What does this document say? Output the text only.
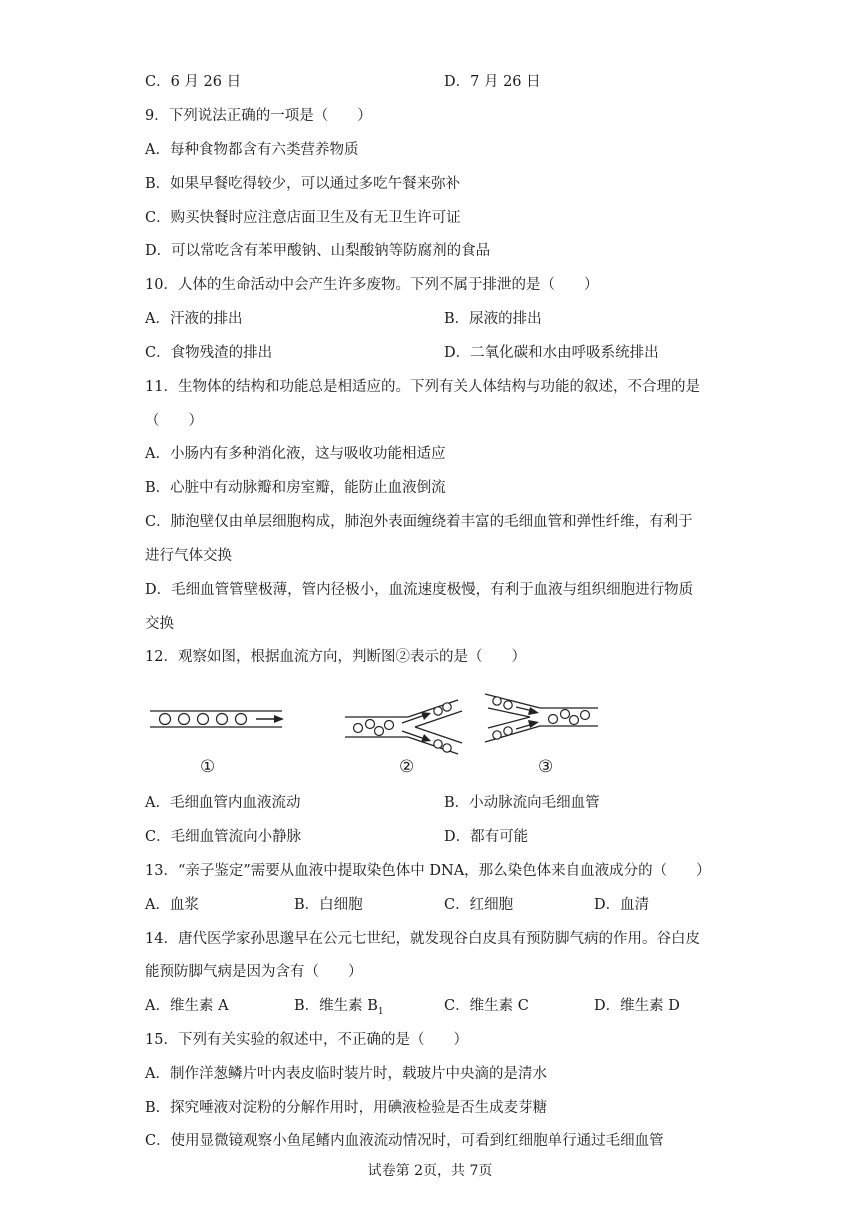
C．6 月 26 日	D．7 月 26 日
9．下列说法正确的一项是（　　）
A．每种食物都含有六类营养物质
B．如果早餐吃得较少，可以通过多吃午餐来弥补
C．购买快餐时应注意店面卫生及有无卫生许可证
D．可以常吃含有苯甲酸钠、山梨酸钠等防腐剂的食品
10．人体的生命活动中会产生许多废物。下列不属于排泄的是（　　）
A．汗液的排出	B．尿液的排出
C．食物残渣的排出	D．二氧化碳和水由呼吸系统排出
11．生物体的结构和功能总是相适应的。下列有关人体结构与功能的叙述，不合理的是
（　　）
A．小肠内有多种消化液，这与吸收功能相适应
B．心脏中有动脉瓣和房室瓣，能防止血液倒流
C．肺泡壁仅由单层细胞构成，肺泡外表面缠绕着丰富的毛细血管和弹性纤维，有利于
进行气体交换
D．毛细血管管壁极薄，管内径极小，血流速度极慢，有利于血液与组织细胞进行物质
交换
12．观察如图，根据血流方向，判断图②表示的是（　　）
①	②	③
A．毛细血管内血液流动	B．小动脉流向毛细血管
C．毛细血管流向小静脉	D．都有可能
13．“亲子鉴定”需要从血液中提取染色体中 DNA，那么染色体来自血液成分的（　　）
A．血浆	B．白细胞	C．红细胞	D．血清
14．唐代医学家孙思邈早在公元七世纪，就发现谷白皮具有预防脚气病的作用。谷白皮
能预防脚气病是因为含有（　　）
A．维生素 A	B．维生素 $B_1$	C．维生素 C	D．维生素 D
15．下列有关实验的叙述中，不正确的是（　　）
A．制作洋葱鳞片叶内表皮临时装片时，载玻片中央滴的是清水
B．探究唾液对淀粉的分解作用时，用碘液检验是否生成麦芽糖
C．使用显微镜观察小鱼尾鳍内血液流动情况时，可看到红细胞单行通过毛细血管
试卷第 2页，共 7页
